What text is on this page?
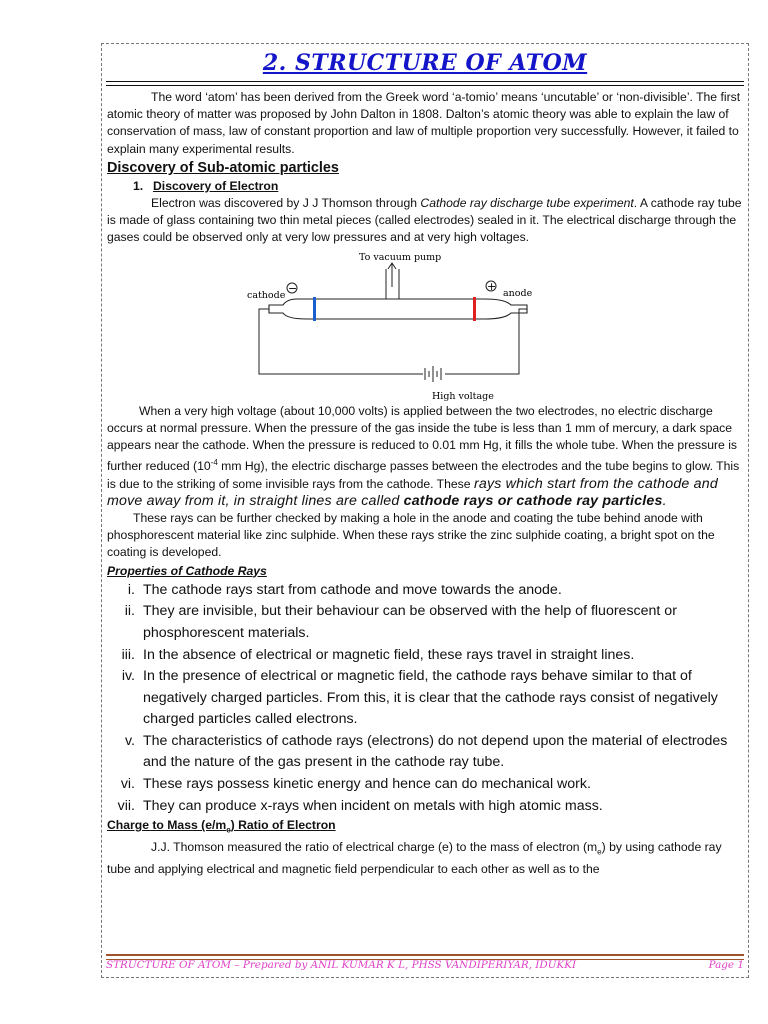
2. STRUCTURE OF ATOM

The word ‘atom’ has been derived from the Greek word ‘a-tomio’ means ‘uncutable’ or ‘non-divisible’. The first atomic theory of matter was proposed by John Dalton in 1808. Dalton’s atomic theory was able to explain the law of conservation of mass, law of constant proportion and law of multiple proportion very successfully. However, it failed to explain many experimental results.

Discovery of Sub-atomic particles
1. Discovery of Electron

Electron was discovered by J J Thomson through Cathode ray discharge tube experiment. A cathode ray tube is made of glass containing two thin metal pieces (called electrodes) sealed in it. The electrical discharge through the gases could be observed only at very low pressures and at very high voltages.

To vacuum pump
cathode
−	anode
+
High voltage

When a very high voltage (about 10,000 volts) is applied between the two electrodes, no electric discharge occurs at normal pressure. When the pressure of the gas inside the tube is less than 1 mm of mercury, a dark space appears near the cathode. When the pressure is reduced to 0.01 mm Hg, it fills the whole tube. When the pressure is further reduced ($10^{-4}$ mm Hg), the electric discharge passes between the electrodes and the tube begins to glow. This is due to the striking of some invisible rays from the cathode. These rays which start from the cathode and move away from it, in straight lines are called cathode rays or cathode ray particles.

These rays can be further checked by making a hole in the anode and coating the tube behind anode with phosphorescent material like zinc sulphide. When these rays strike the zinc sulphide coating, a bright spot on the coating is developed.

Properties of Cathode Rays
i. The cathode rays start from cathode and move towards the anode.
ii. They are invisible, but their behaviour can be observed with the help of fluorescent or phosphorescent materials.
iii. In the absence of electrical or magnetic field, these rays travel in straight lines.
iv. In the presence of electrical or magnetic field, the cathode rays behave similar to that of negatively charged particles. From this, it is clear that the cathode rays consist of negatively charged particles called electrons.
v. The characteristics of cathode rays (electrons) do not depend upon the material of electrodes and the nature of the gas present in the cathode ray tube.
vi. These rays possess kinetic energy and hence can do mechanical work.
vii. They can produce x-rays when incident on metals with high atomic mass.
Charge to Mass $(e/m_e)$ Ratio of Electron

J.J. Thomson measured the ratio of electrical charge (e) to the mass of electron $(m_e)$ by using cathode ray tube and applying electrical and magnetic field perpendicular to each other as well as to the

STRUCTURE OF ATOM – Prepared by ANIL KUMAR K L, PHSS VANDIPERIYAR, IDUKKI	Page 1
